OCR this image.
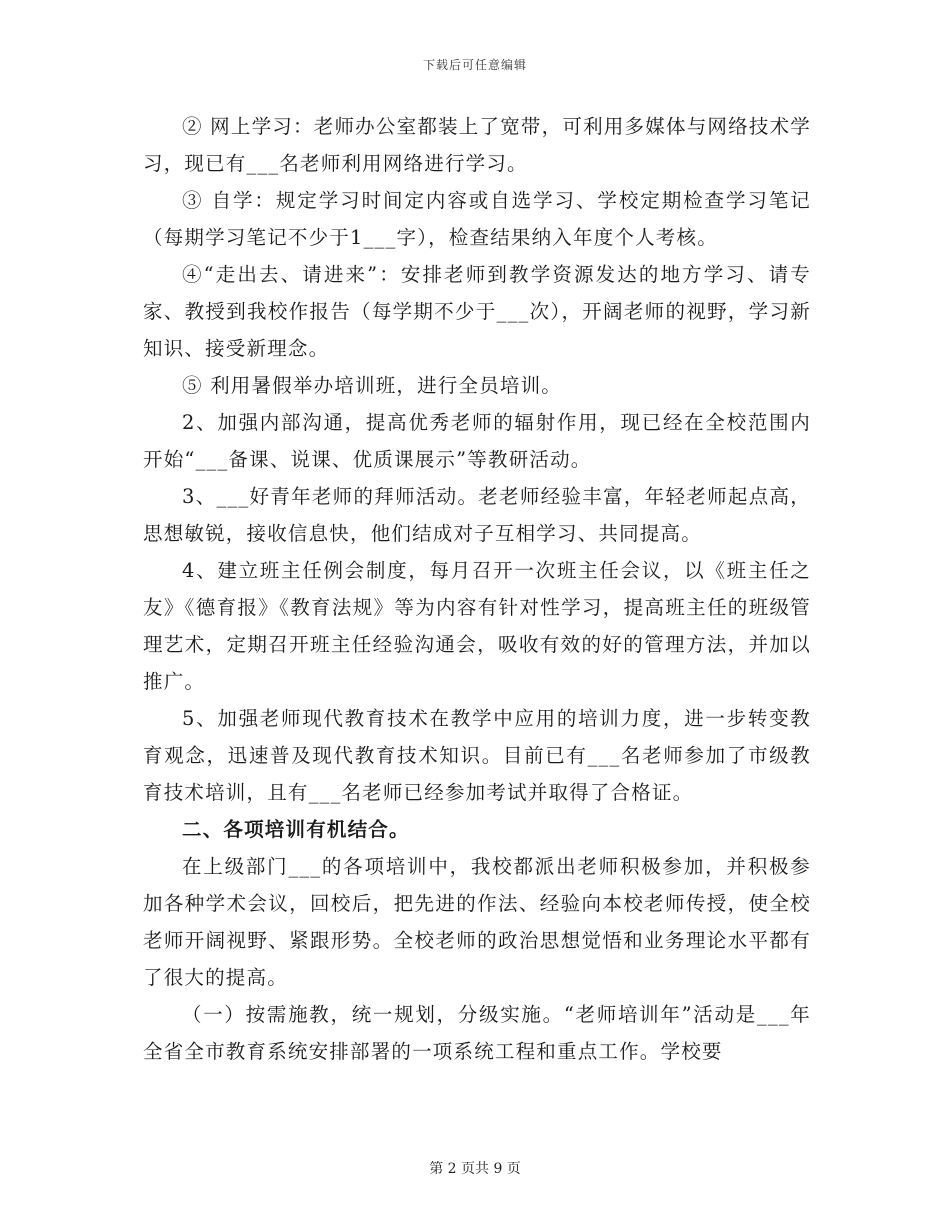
下载后可任意编辑

② 网上学习：老师办公室都装上了宽带，可利用多媒体与网络技术学习，现已有___名老师利用网络进行学习。

③ 自学：规定学习时间定内容或自选学习、学校定期检查学习笔记（每期学习笔记不少于1___字），检查结果纳入年度个人考核。

④“走出去、请进来”：安排老师到教学资源发达的地方学习、请专家、教授到我校作报告（每学期不少于___次），开阔老师的视野，学习新知识、接受新理念。

⑤ 利用暑假举办培训班，进行全员培训。

2、加强内部沟通，提高优秀老师的辐射作用，现已经在全校范围内开始“___备课、说课、优质课展示”等教研活动。

3、___好青年老师的拜师活动。老老师经验丰富，年轻老师起点高，思想敏锐，接收信息快，他们结成对子互相学习、共同提高。

4、建立班主任例会制度，每月召开一次班主任会议，以《班主任之友》《德育报》《教育法规》等为内容有针对性学习，提高班主任的班级管理艺术，定期召开班主任经验沟通会，吸收有效的好的管理方法，并加以推广。

5、加强老师现代教育技术在教学中应用的培训力度，进一步转变教育观念，迅速普及现代教育技术知识。目前已有___名老师参加了市级教育技术培训，且有___名老师已经参加考试并取得了合格证。

二、各项培训有机结合。

在上级部门___的各项培训中，我校都派出老师积极参加，并积极参加各种学术会议，回校后，把先进的作法、经验向本校老师传授，使全校老师开阔视野、紧跟形势。全校老师的政治思想觉悟和业务理论水平都有了很大的提高。

（一）按需施教，统一规划，分级实施。“老师培训年”活动是___年全省全市教育系统安排部署的一项系统工程和重点工作。学校要

第 2 页共 9 页
